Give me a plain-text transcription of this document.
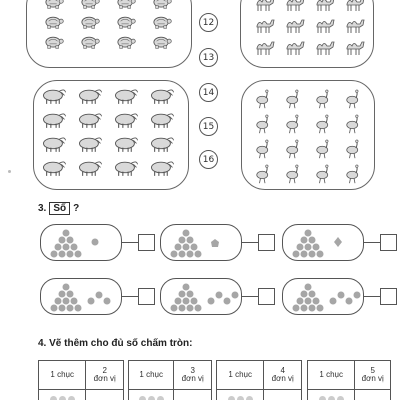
12
13
14
15
16
3. Số ?
4. Vẽ thêm cho đủ số chấm tròn:
1 chục	2
đơn vị
		1 chục	3
đơn vị
		1 chục	4
đơn vị
		1 chục	5
đơn vị
